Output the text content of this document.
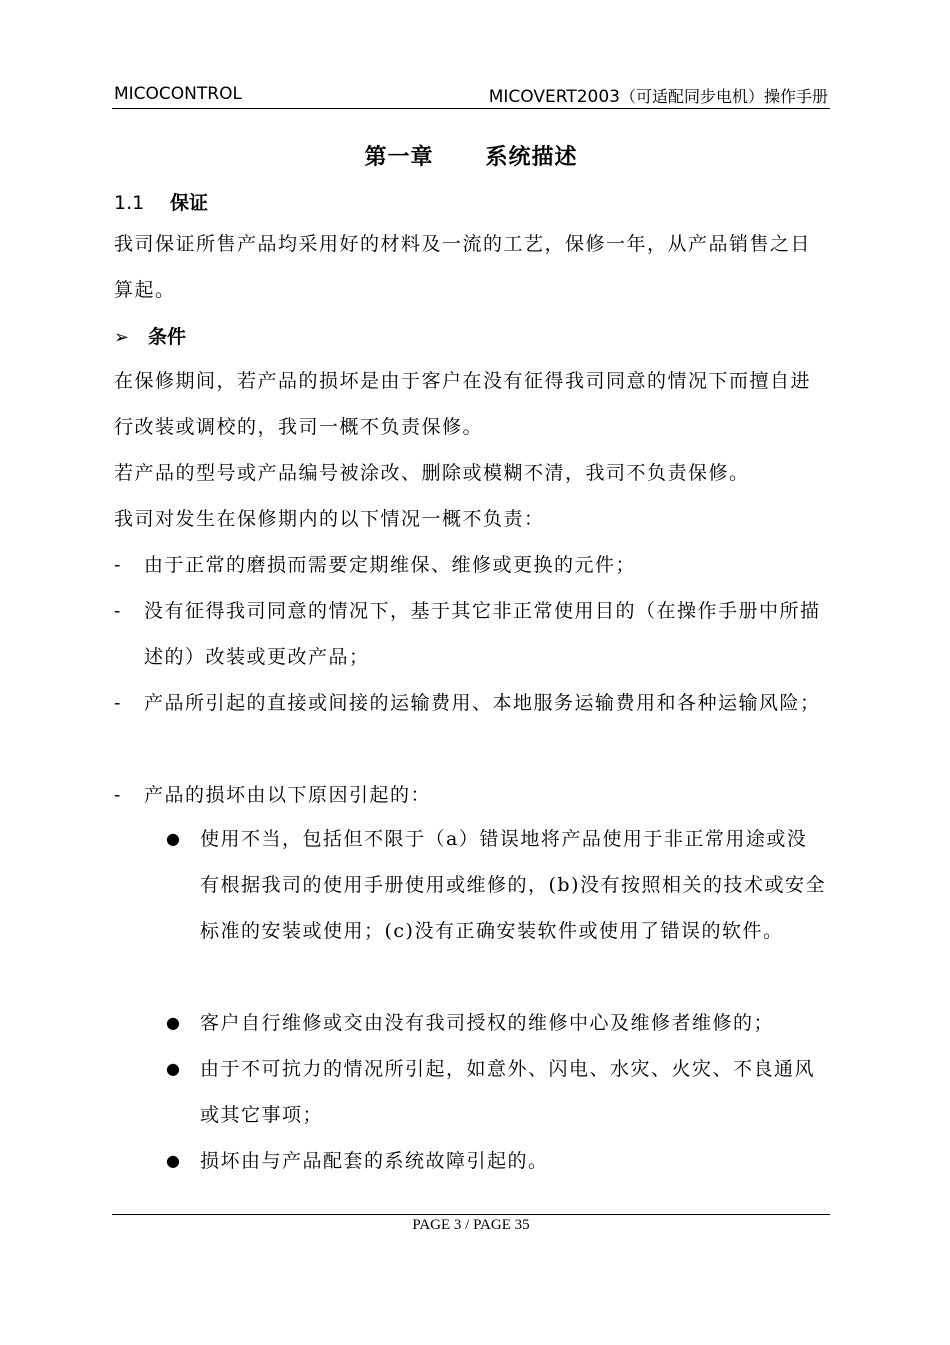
MICOCONTROL	MICOVERT2003（可适配同步电机）操作手册
第一章      系统描述
1.1 保证
我司保证所售产品均采用好的材料及一流的工艺，保修一年，从产品销售之日算起。
➢ 条件
在保修期间，若产品的损坏是由于客户在没有征得我司同意的情况下而擅自进行改装或调校的，我司一概不负责保修。
若产品的型号或产品编号被涂改、删除或模糊不清，我司不负责保修。
我司对发生在保修期内的以下情况一概不负责：
- 由于正常的磨损而需要定期维保、维修或更换的元件；
- 没有征得我司同意的情况下，基于其它非正常使用目的（在操作手册中所描述的）改装或更改产品；
- 产品所引起的直接或间接的运输费用、本地服务运输费用和各种运输风险；
- 产品的损坏由以下原因引起的：
● 使用不当，包括但不限于（a）错误地将产品使用于非正常用途或没有根据我司的使用手册使用或维修的，(b)没有按照相关的技术或安全标准的安装或使用；(c)没有正确安装软件或使用了错误的软件。
● 客户自行维修或交由没有我司授权的维修中心及维修者维修的；
● 由于不可抗力的情况所引起，如意外、闪电、水灾、火灾、不良通风或其它事项；
● 损坏由与产品配套的系统故障引起的。
PAGE 3 / PAGE 35
